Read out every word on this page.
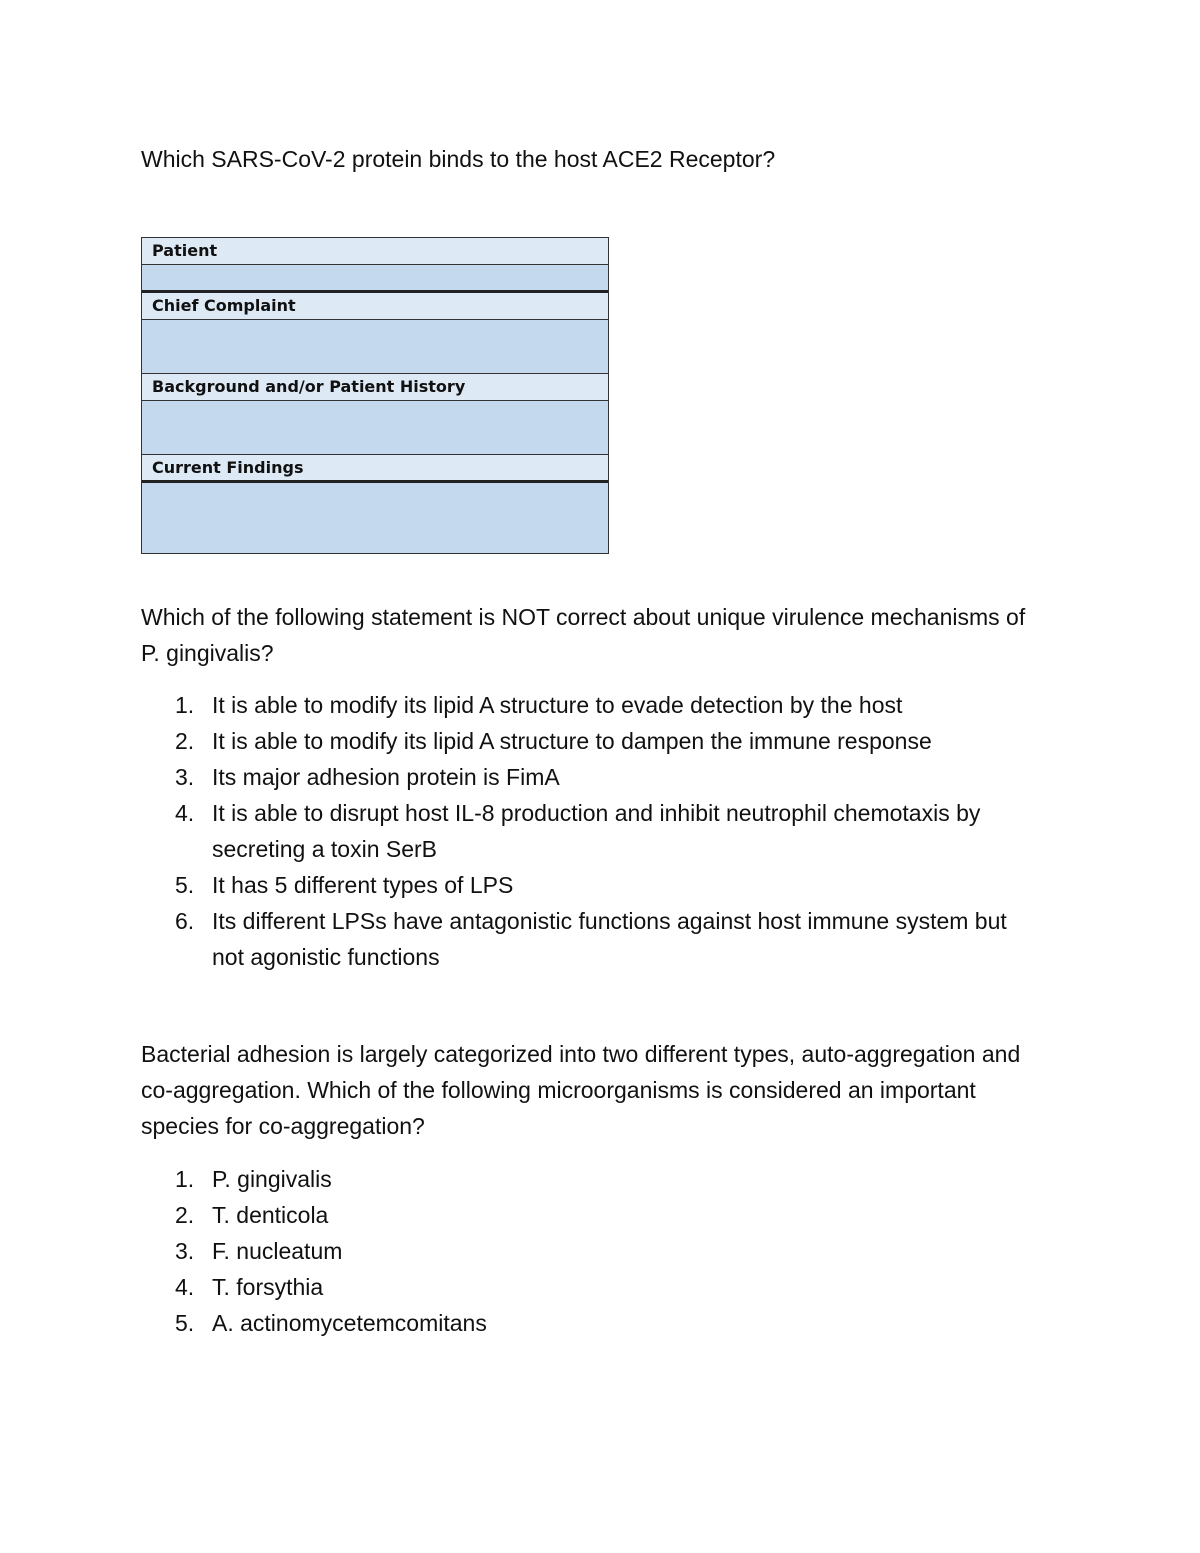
Which SARS-CoV-2 protein binds to the host ACE2 Receptor?

Patient
Chief Complaint
Background and/or Patient History
Current Findings

Which of the following statement is NOT correct about unique virulence mechanisms of P. gingivalis?

1. It is able to modify its lipid A structure to evade detection by the host
2. It is able to modify its lipid A structure to dampen the immune response
3. Its major adhesion protein is FimA
4. It is able to disrupt host IL-8 production and inhibit neutrophil chemotaxis by secreting a toxin SerB
5. It has 5 different types of LPS
6. Its different LPSs have antagonistic functions against host immune system but not agonistic functions

Bacterial adhesion is largely categorized into two different types, auto-aggregation and co-aggregation. Which of the following microorganisms is considered an important species for co-aggregation?

1. P. gingivalis
2. T. denticola
3. F. nucleatum
4. T. forsythia
5. A. actinomycetemcomitans
